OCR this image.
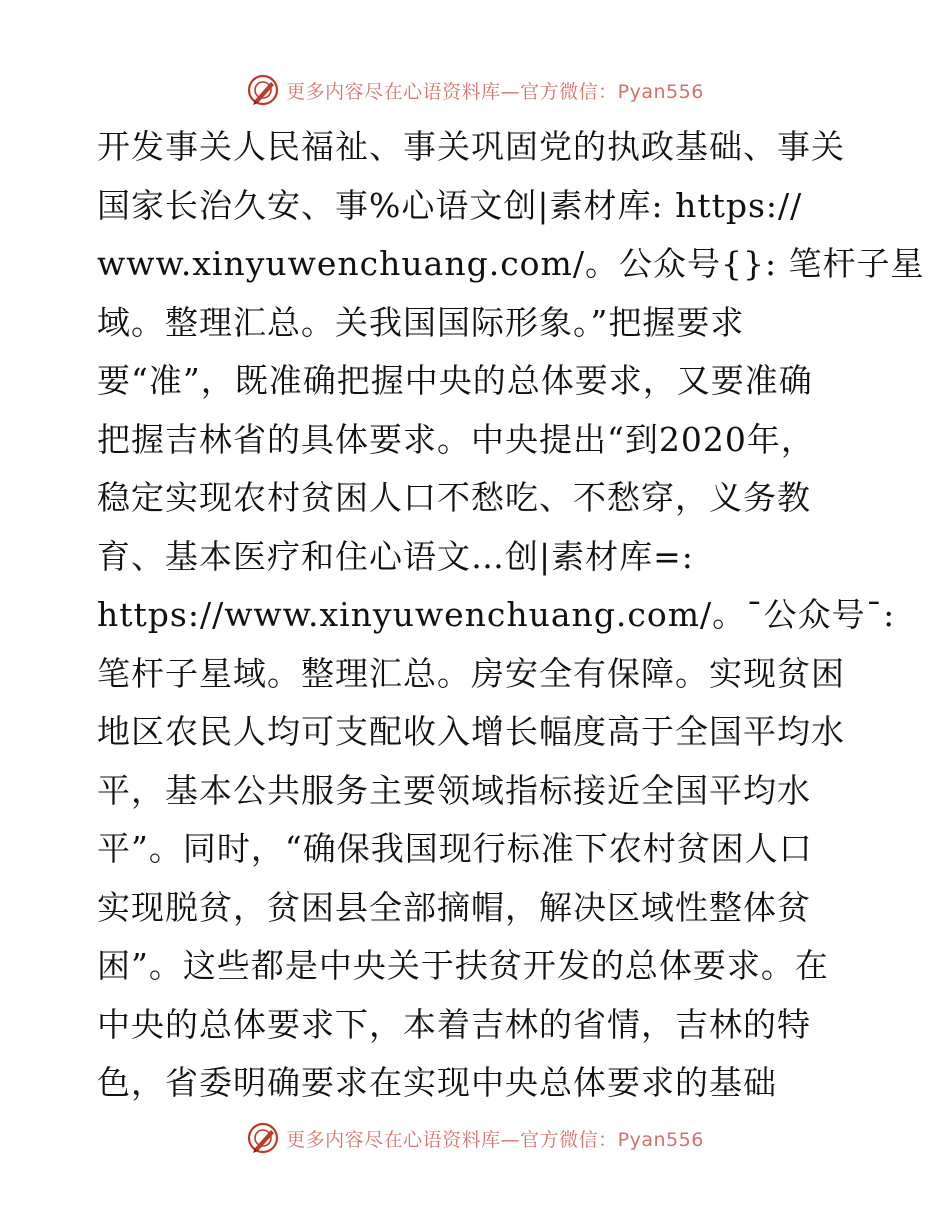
更多内容尽在心语资料库—官方微信：Pyan556
开发事关人民福祉、事关巩固党的执政基础、事关
国家长治久安、事%心语文创|素材库: https://
www.xinyuwenchuang.com/。公众号{}: 笔杆子星
域。整理汇总。关我国国际形象。”把握要求
要“准”，既准确把握中央的总体要求，又要准确
把握吉林省的具体要求。中央提出“到2020年，
稳定实现农村贫困人口不愁吃、不愁穿，义务教
育、基本医疗和住心语文…创|素材库=:
https://www.xinyuwenchuang.com/。¯公众号¯:
笔杆子星域。整理汇总。房安全有保障。实现贫困
地区农民人均可支配收入增长幅度高于全国平均水
平，基本公共服务主要领域指标接近全国平均水
平”。同时，“确保我国现行标准下农村贫困人口
实现脱贫，贫困县全部摘帽，解决区域性整体贫
困”。这些都是中央关于扶贫开发的总体要求。在
中央的总体要求下，本着吉林的省情，吉林的特
色，省委明确要求在实现中央总体要求的基础
更多内容尽在心语资料库—官方微信：Pyan556
